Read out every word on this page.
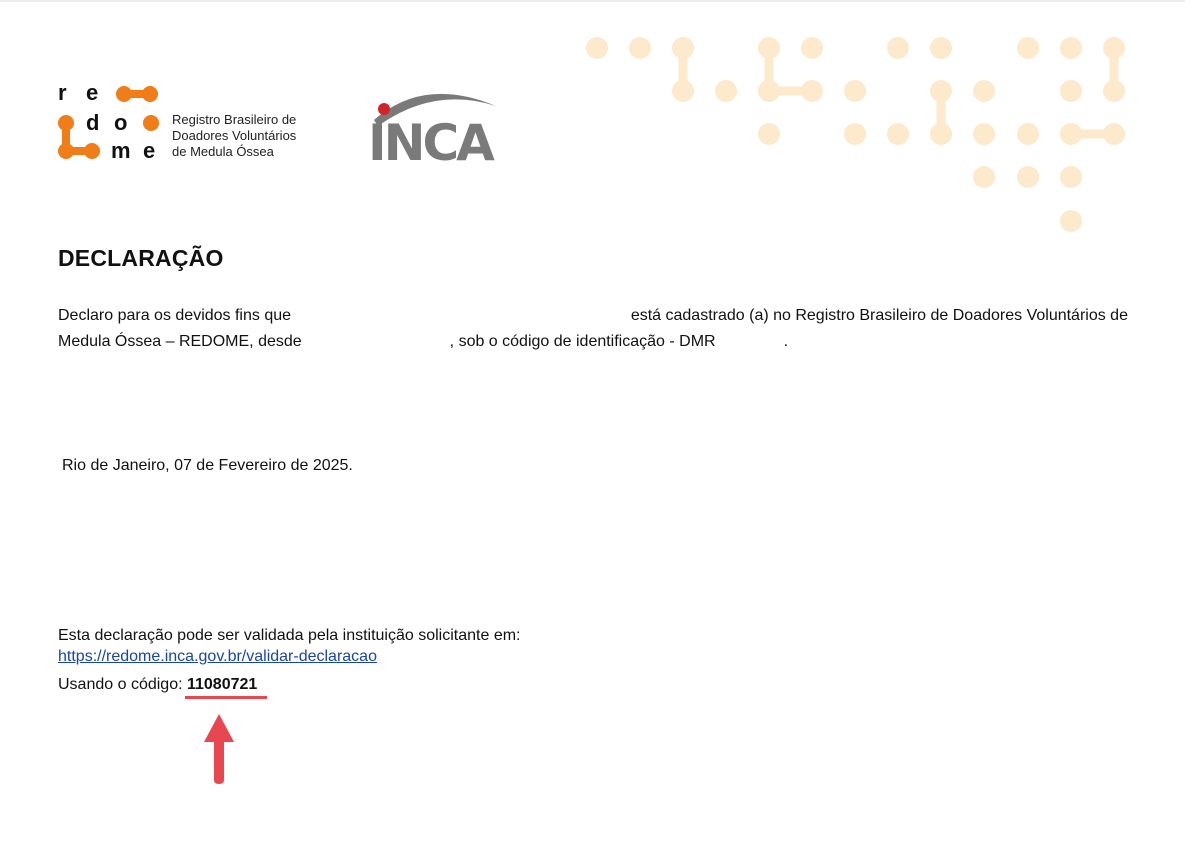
r e
d o
m e
Registro Brasileiro de
Doadores Voluntários
de Medula Óssea	INCA
DECLARAÇÃO
Declaro para os devidos fins que	está cadastrado (a) no Registro Brasileiro de Doadores Voluntários de
Medula Óssea – REDOME, desde	, sob o código de identificação - DMR	.
Rio de Janeiro, 07 de Fevereiro de 2025.
Esta declaração pode ser validada pela instituição solicitante em:
https://redome.inca.gov.br/validar-declaracao
Usando o código: 11080721
